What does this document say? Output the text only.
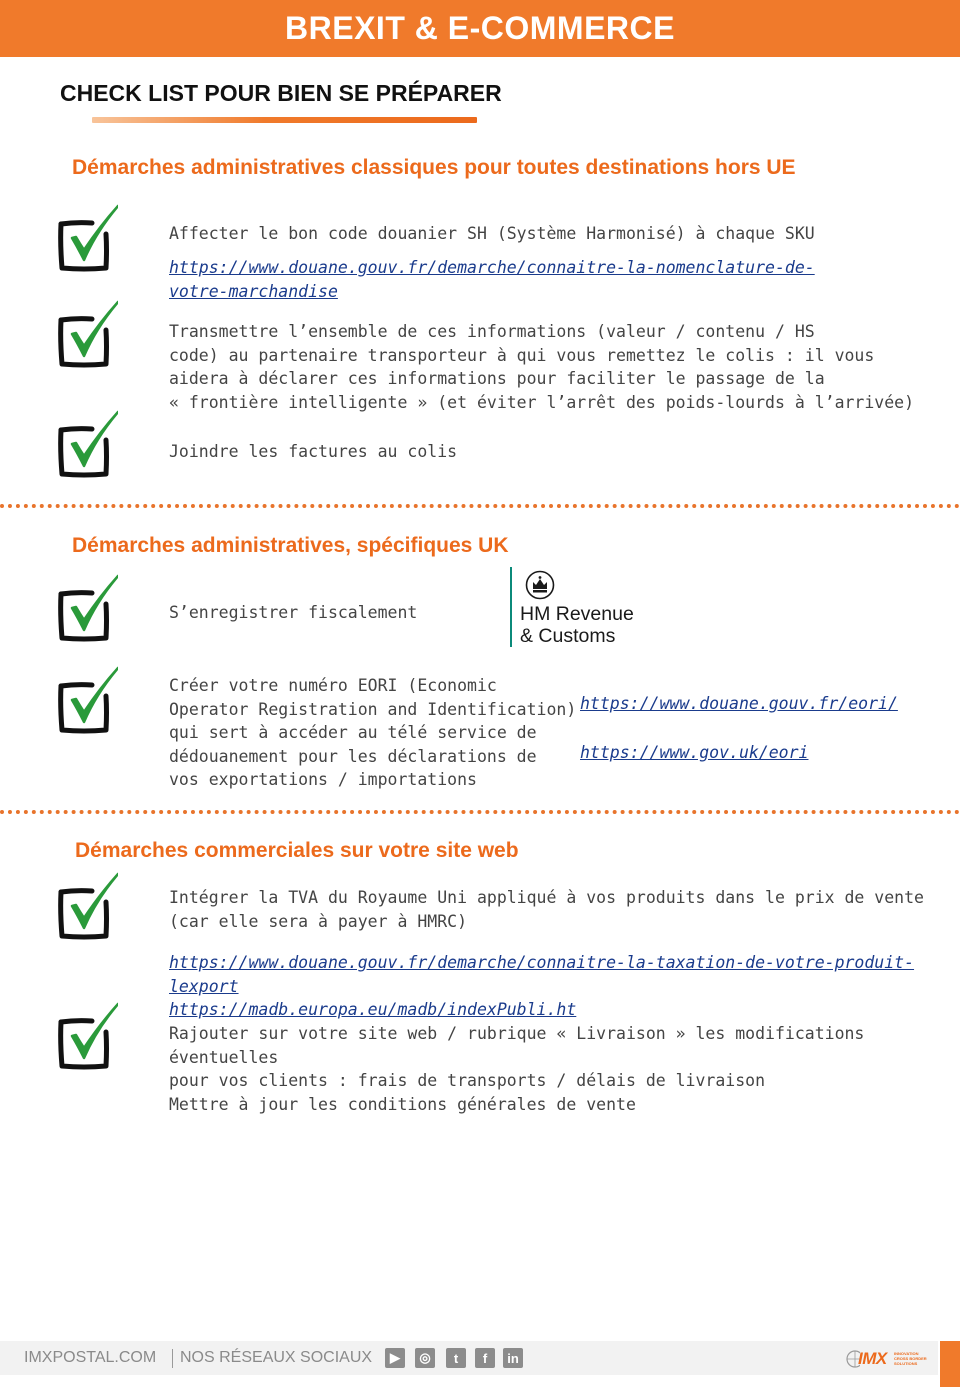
BREXIT & E-COMMERCE
CHECK LIST POUR BIEN SE PRÉPARER
Démarches administratives classiques pour toutes destinations hors UE
Affecter le bon code douanier SH (Système Harmonisé) à chaque SKU
https://www.douane.gouv.fr/demarche/connaitre-la-nomenclature-de-
votre-marchandise
Transmettre l’ensemble de ces informations (valeur / contenu / HS
code) au partenaire transporteur à qui vous remettez le colis : il vous
aidera à déclarer ces informations pour faciliter le passage de la
« frontière intelligente » (et éviter l’arrêt des poids-lourds à l’arrivée)
Joindre les factures au colis
Démarches administratives, spécifiques UK
S’enregistrer fiscalement	HM Revenue
& Customs
Créer votre numéro EORI (Economic
Operator Registration and Identification)
qui sert à accéder au télé service de
dédouanement pour les déclarations de
vos exportations / importations
https://www.douane.gouv.fr/eori/
https://www.gov.uk/eori
Démarches commerciales sur votre site web
Intégrer la TVA du Royaume Uni appliqué à vos produits dans le prix de vente
(car elle sera à payer à HMRC)
https://www.douane.gouv.fr/demarche/connaitre-la-taxation-de-votre-produit-lexport
https://madb.europa.eu/madb/indexPubli.ht
Rajouter sur votre site web / rubrique « Livraison » les modifications éventuelles
pour vos clients : frais de transports / délais de livraison
Mettre à jour les conditions générales de vente
IMXPOSTAL.COM NOS RÉSEAUX SOCIAUX	▶	◎	t	f	in	IMX INNOVATION
CROSS BORDER
SOLUTIONS
